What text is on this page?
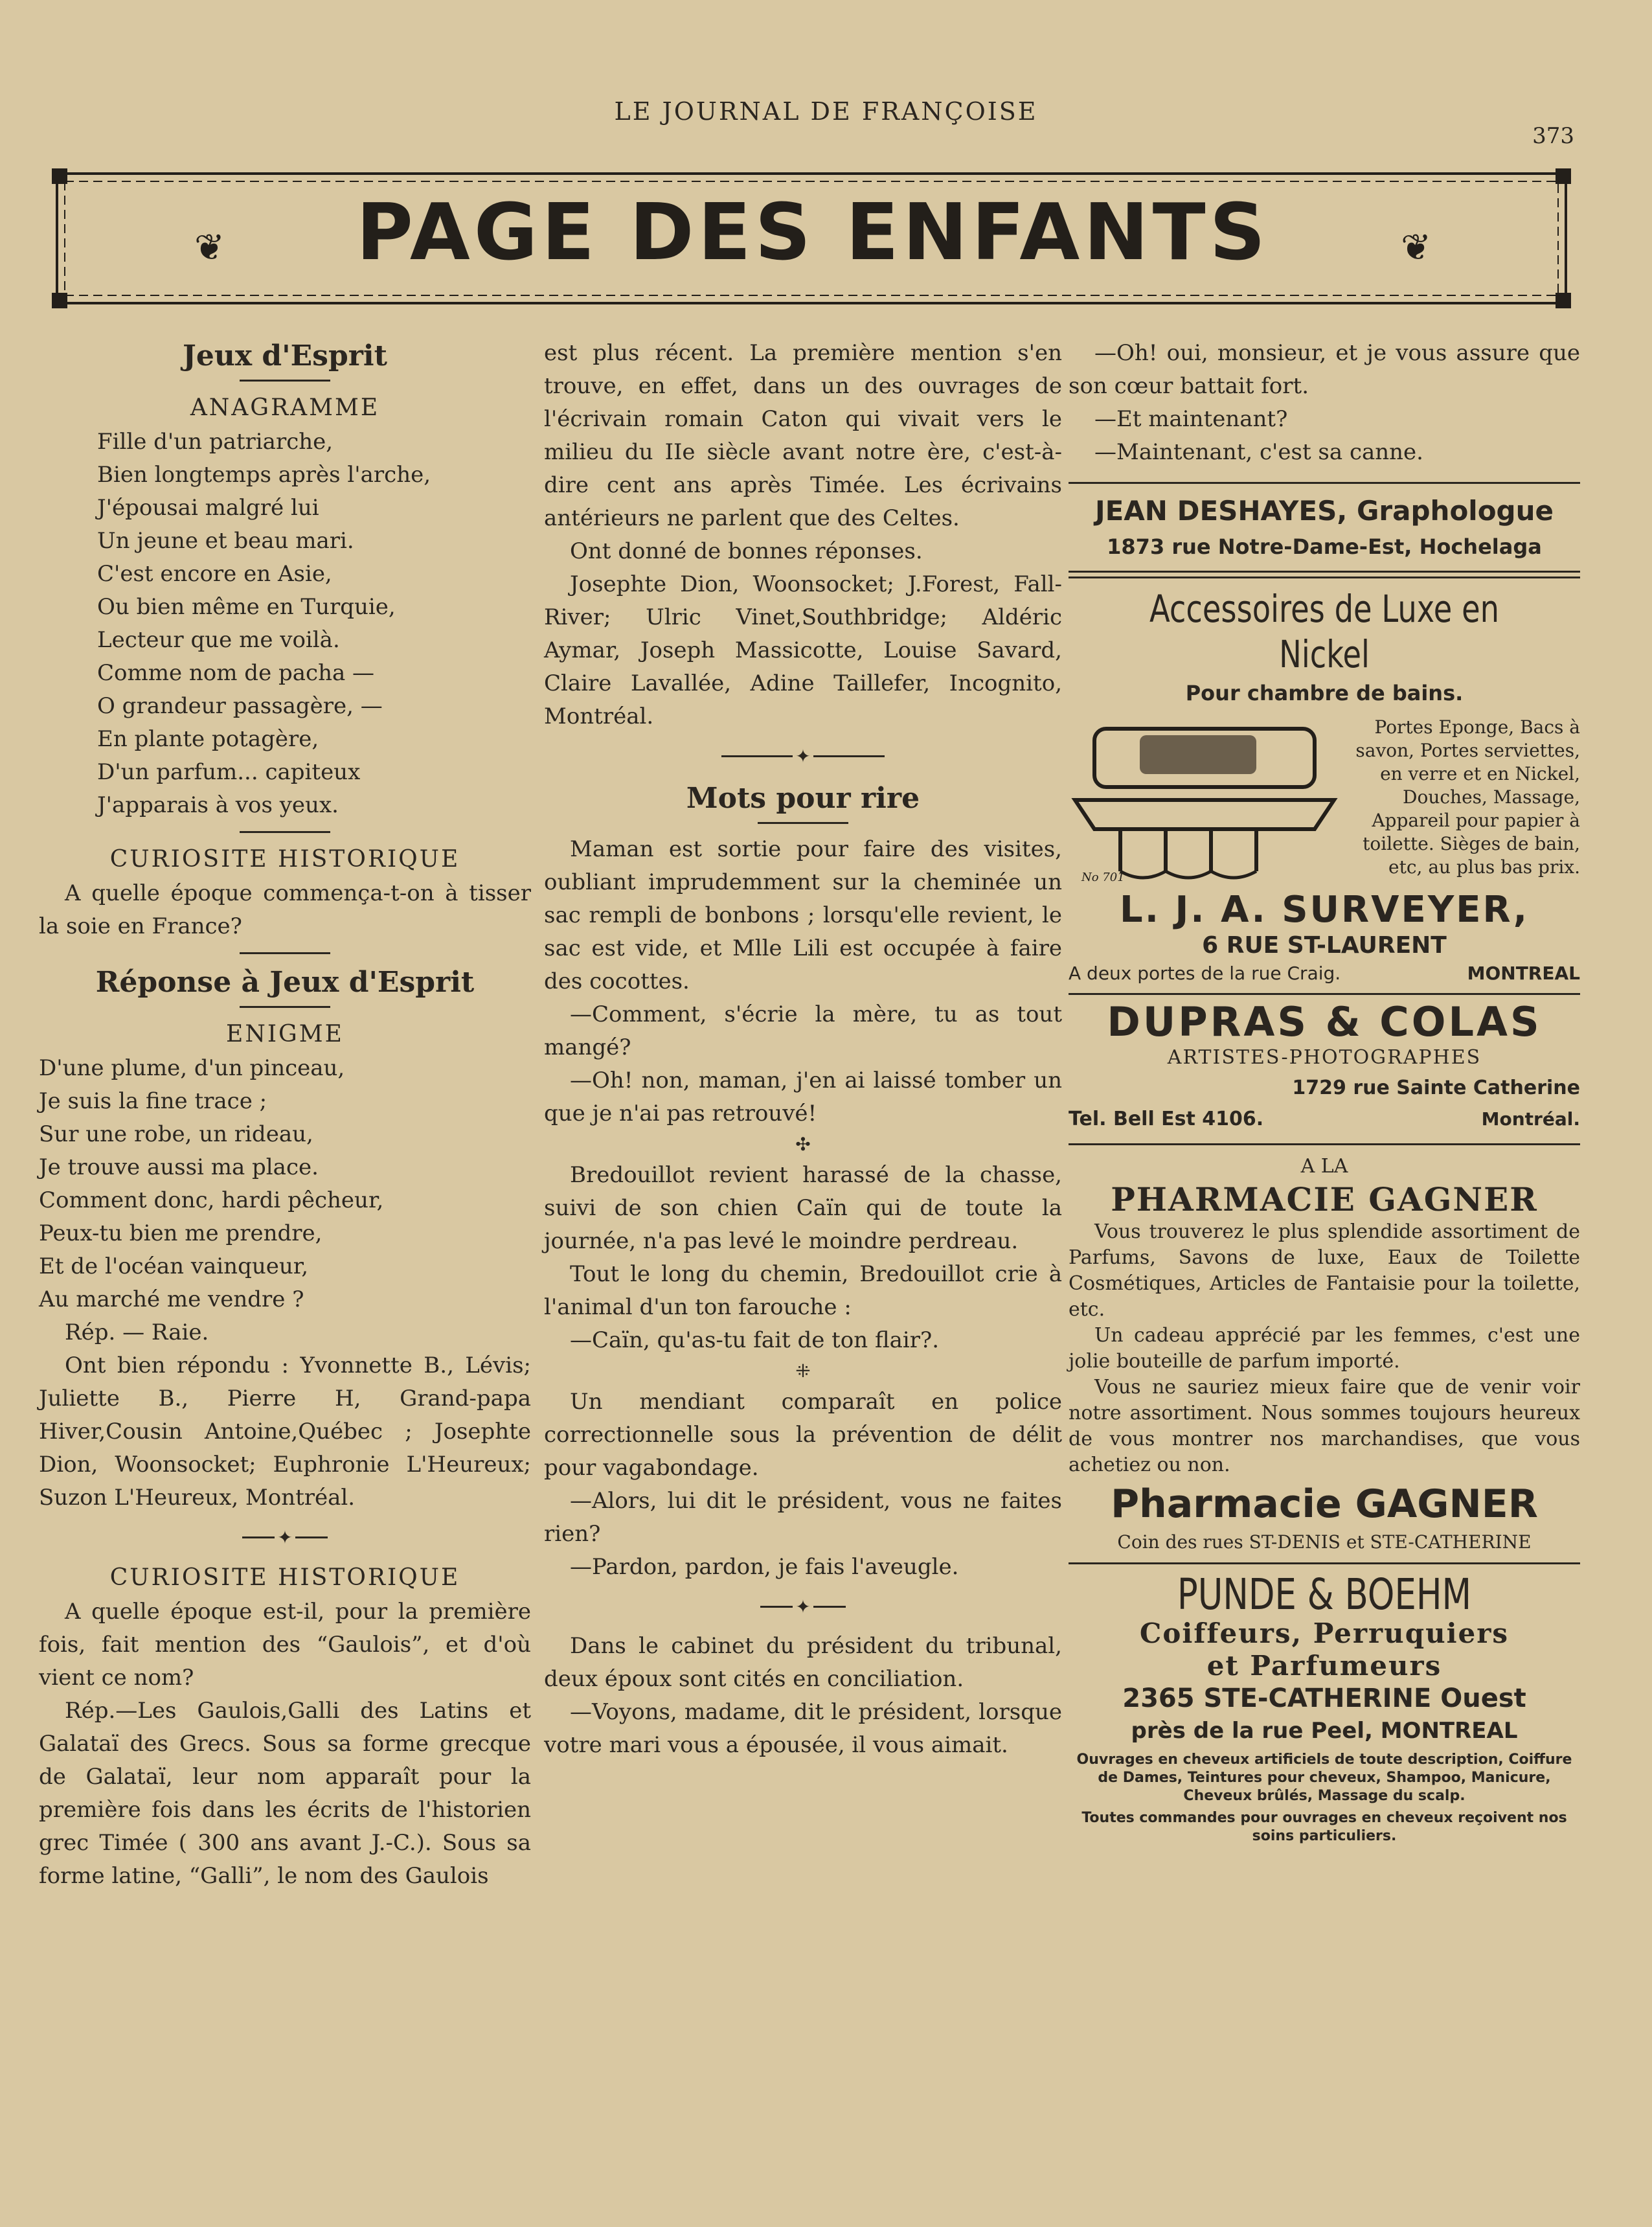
LE JOURNAL DE FRANÇOISE
373
❦	PAGE DES ENFANTS	❦
Jeux d'Esprit
ANAGRAMME

Fille d'un patriarche,

Bien longtemps après l'arche,

J'épousai malgré lui

Un jeune et beau mari.

C'est encore en Asie,

Ou bien même en Turquie,

Lecteur que me voilà.

Comme nom de pacha —

O grandeur passagère, —

En plante potagère,

D'un parfum... capiteux

J'apparais à vos yeux.

CURIOSITE HISTORIQUE

A quelle époque commença-t-on à tisser la soie en France?

Réponse à Jeux d'Esprit
ENIGME

D'une plume, d'un pinceau,

Je suis la fine trace ;

Sur une robe, un rideau,

Je trouve aussi ma place.

Comment donc, hardi pêcheur,

Peux-tu bien me prendre,

Et de l'océan vainqueur,

Au marché me vendre ?

Rép. — Raie.

Ont bien répondu : Yvonnette B., Lévis; Juliette B., Pierre H, Grand-papa Hiver,Cousin Antoine,Québec ; Josephte Dion, Woonsocket; Euphronie L'Heureux; Suzon L'Heureux, Montréal.

✦
CURIOSITE HISTORIQUE

A quelle époque est-il, pour la première fois, fait mention des “Gaulois”, et d'où vient ce nom?

Rép.—Les Gaulois,Galli des Latins et Galataï des Grecs. Sous sa forme grecque de Galataï, leur nom apparaît pour la première fois dans les écrits de l'historien grec Timée ( 300 ans avant J.-C.). Sous sa forme latine, “Galli”, le nom des Gaulois

est plus récent. La première mention s'en trouve, en effet, dans un des ouvrages de l'écrivain romain Caton qui vivait vers le milieu du IIe siècle avant notre ère, c'est-à-dire cent ans après Timée. Les écrivains antérieurs ne parlent que des Celtes.

Ont donné de bonnes réponses.

Josephte Dion, Woonsocket; J.Forest, Fall-River; Ulric Vinet,Southbridge; Aldéric Aymar, Joseph Massicotte, Louise Savard, Claire Lavallée, Adine Taillefer, Incognito, Montréal.

✦
Mots pour rire

Maman est sortie pour faire des visites, oubliant imprudemment sur la cheminée un sac rempli de bonbons ; lorsqu'elle revient, le sac est vide, et Mlle Lili est occupée à faire des cocottes.

—Comment, s'écrie la mère, tu as tout mangé?

—Oh! non, maman, j'en ai laissé tomber un que je n'ai pas retrouvé!

✣

Bredouillot revient harassé de la chasse, suivi de son chien Caïn qui de toute la journée, n'a pas levé le moindre perdreau.

Tout le long du chemin, Bredouillot crie à l'animal d'un ton farouche :

—Caïn, qu'as-tu fait de ton flair?.

⁜

Un mendiant comparaît en police correctionnelle sous la prévention de délit pour vagabondage.

—Alors, lui dit le président, vous ne faites rien?

—Pardon, pardon, je fais l'aveugle.

✦

Dans le cabinet du président du tribunal, deux époux sont cités en conciliation.

—Voyons, madame, dit le président, lorsque votre mari vous a épousée, il vous aimait.

—Oh! oui, monsieur, et je vous assure que son cœur battait fort.

—Et maintenant?

—Maintenant, c'est sa canne.

JEAN DESHAYES, Graphologue
1873 rue Notre-Dame-Est, Hochelaga
Accessoires de Luxe en Nickel
Pour chambre de bains.
No 701
Portes Eponge, Bacs à savon, Portes serviettes, en verre et en Nickel, Douches, Massage, Appareil pour papier à toilette. Sièges de bain, etc, au plus bas prix.
L. J. A. SURVEYER,
6 RUE ST-LAURENT
A deux portes de la rue Craig.	MONTREAL
DUPRAS & COLAS
ARTISTES-PHOTOGRAPHES
1729 rue Sainte Catherine
Tel. Bell Est 4106.	Montréal.
A LA
PHARMACIE GAGNER

Vous trouverez le plus splendide assortiment de Parfums, Savons de luxe, Eaux de Toilette Cosmétiques, Articles de Fantaisie pour la toilette, etc.

Un cadeau apprécié par les femmes, c'est une jolie bouteille de parfum importé.

Vous ne sauriez mieux faire que de venir voir notre assortiment. Nous sommes toujours heureux de vous montrer nos marchandises, que vous achetiez ou non.

Pharmacie GAGNER
Coin des rues ST-DENIS et STE-CATHERINE
PUNDE & BOEHM
Coiffeurs, Perruquiers
et Parfumeurs
2365 STE-CATHERINE Ouest
près de la rue Peel, MONTREAL

Ouvrages en cheveux artificiels de toute description, Coiffure de Dames, Teintures pour cheveux, Shampoo, Manicure, Cheveux brûlés, Massage du scalp.

Toutes commandes pour ouvrages en cheveux reçoivent nos soins particuliers.
